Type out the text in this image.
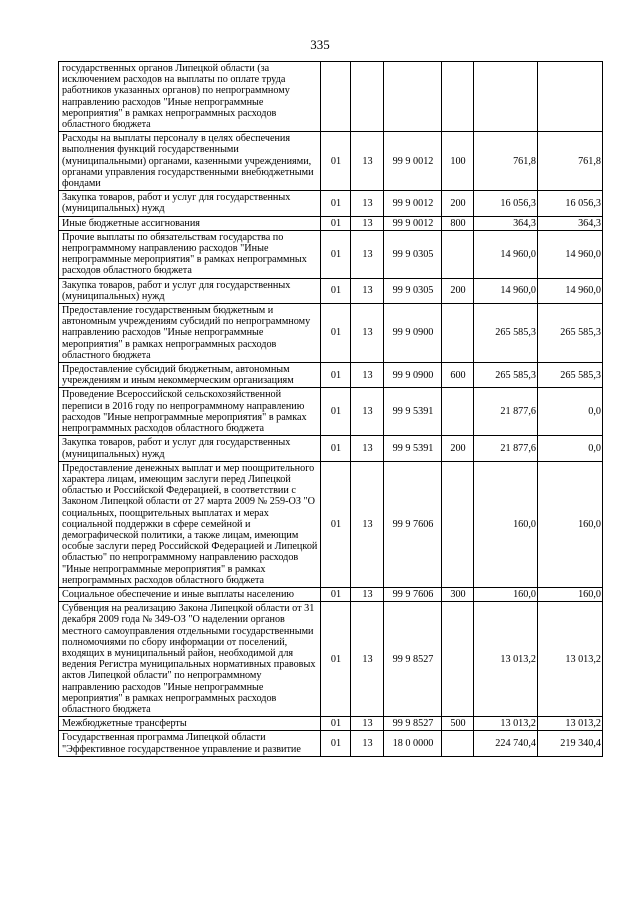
335
государственных органов Липецкой области (за исключением расходов на выплаты по оплате труда работников указанных органов) по непрограммному направлению расходов "Иные непрограммные мероприятия" в рамках непрограммных расходов областного бюджета						
Расходы на выплаты персоналу в целях обеспечения выполнения функций государственными (муниципальными) органами, казенными учреждениями, органами управления государственными внебюджетными фондами	01	13	99 9 0012	100	761,8	761,8
Закупка товаров, работ и услуг для государственных (муниципальных) нужд	01	13	99 9 0012	200	16 056,3	16 056,3
Иные бюджетные ассигнования	01	13	99 9 0012	800	364,3	364,3
Прочие выплаты по обязательствам государства по непрограммному направлению расходов "Иные непрограммные мероприятия" в рамках непрограммных расходов областного бюджета	01	13	99 9 0305		14 960,0	14 960,0
Закупка товаров, работ и услуг для государственных (муниципальных) нужд	01	13	99 9 0305	200	14 960,0	14 960,0
Предоставление государственным бюджетным и автономным учреждениям субсидий по непрограммному направлению расходов "Иные непрограммные мероприятия" в рамках непрограммных расходов областного бюджета	01	13	99 9 0900		265 585,3	265 585,3
Предоставление субсидий бюджетным, автономным учреждениям и иным некоммерческим организациям	01	13	99 9 0900	600	265 585,3	265 585,3
Проведение Всероссийской сельскохозяйственной переписи в 2016 году по непрограммному направлению расходов "Иные непрограммные мероприятия" в рамках непрограммных расходов областного бюджета	01	13	99 9 5391		21 877,6	0,0
Закупка товаров, работ и услуг для государственных (муниципальных) нужд	01	13	99 9 5391	200	21 877,6	0,0
Предоставление денежных выплат и мер поощрительного характера лицам, имеющим заслуги перед Липецкой областью и Российской Федерацией, в соответствии с Законом Липецкой области от 27 марта 2009 № 259-ОЗ "О социальных, поощрительных выплатах и мерах социальной поддержки в сфере семейной и демографической политики, а также лицам, имеющим особые заслуги перед Российской Федерацией и Липецкой областью" по непрограммному направлению расходов "Иные непрограммные мероприятия" в рамках непрограммных расходов областного бюджета	01	13	99 9 7606		160,0	160,0
Социальное обеспечение и иные выплаты населению	01	13	99 9 7606	300	160,0	160,0
Субвенция на реализацию Закона Липецкой области от 31 декабря 2009 года № 349-ОЗ "О наделении органов местного самоуправления отдельными государственными полномочиями по сбору информации от поселений, входящих в муниципальный район, необходимой для ведения Регистра муниципальных нормативных правовых актов Липецкой области" по непрограммному направлению расходов "Иные непрограммные мероприятия" в рамках непрограммных расходов областного бюджета	01	13	99 9 8527		13 013,2	13 013,2
Межбюджетные трансферты	01	13	99 9 8527	500	13 013,2	13 013,2
Государственная программа Липецкой области "Эффективное государственное управление и развитие	01	13	18 0 0000		224 740,4	219 340,4
